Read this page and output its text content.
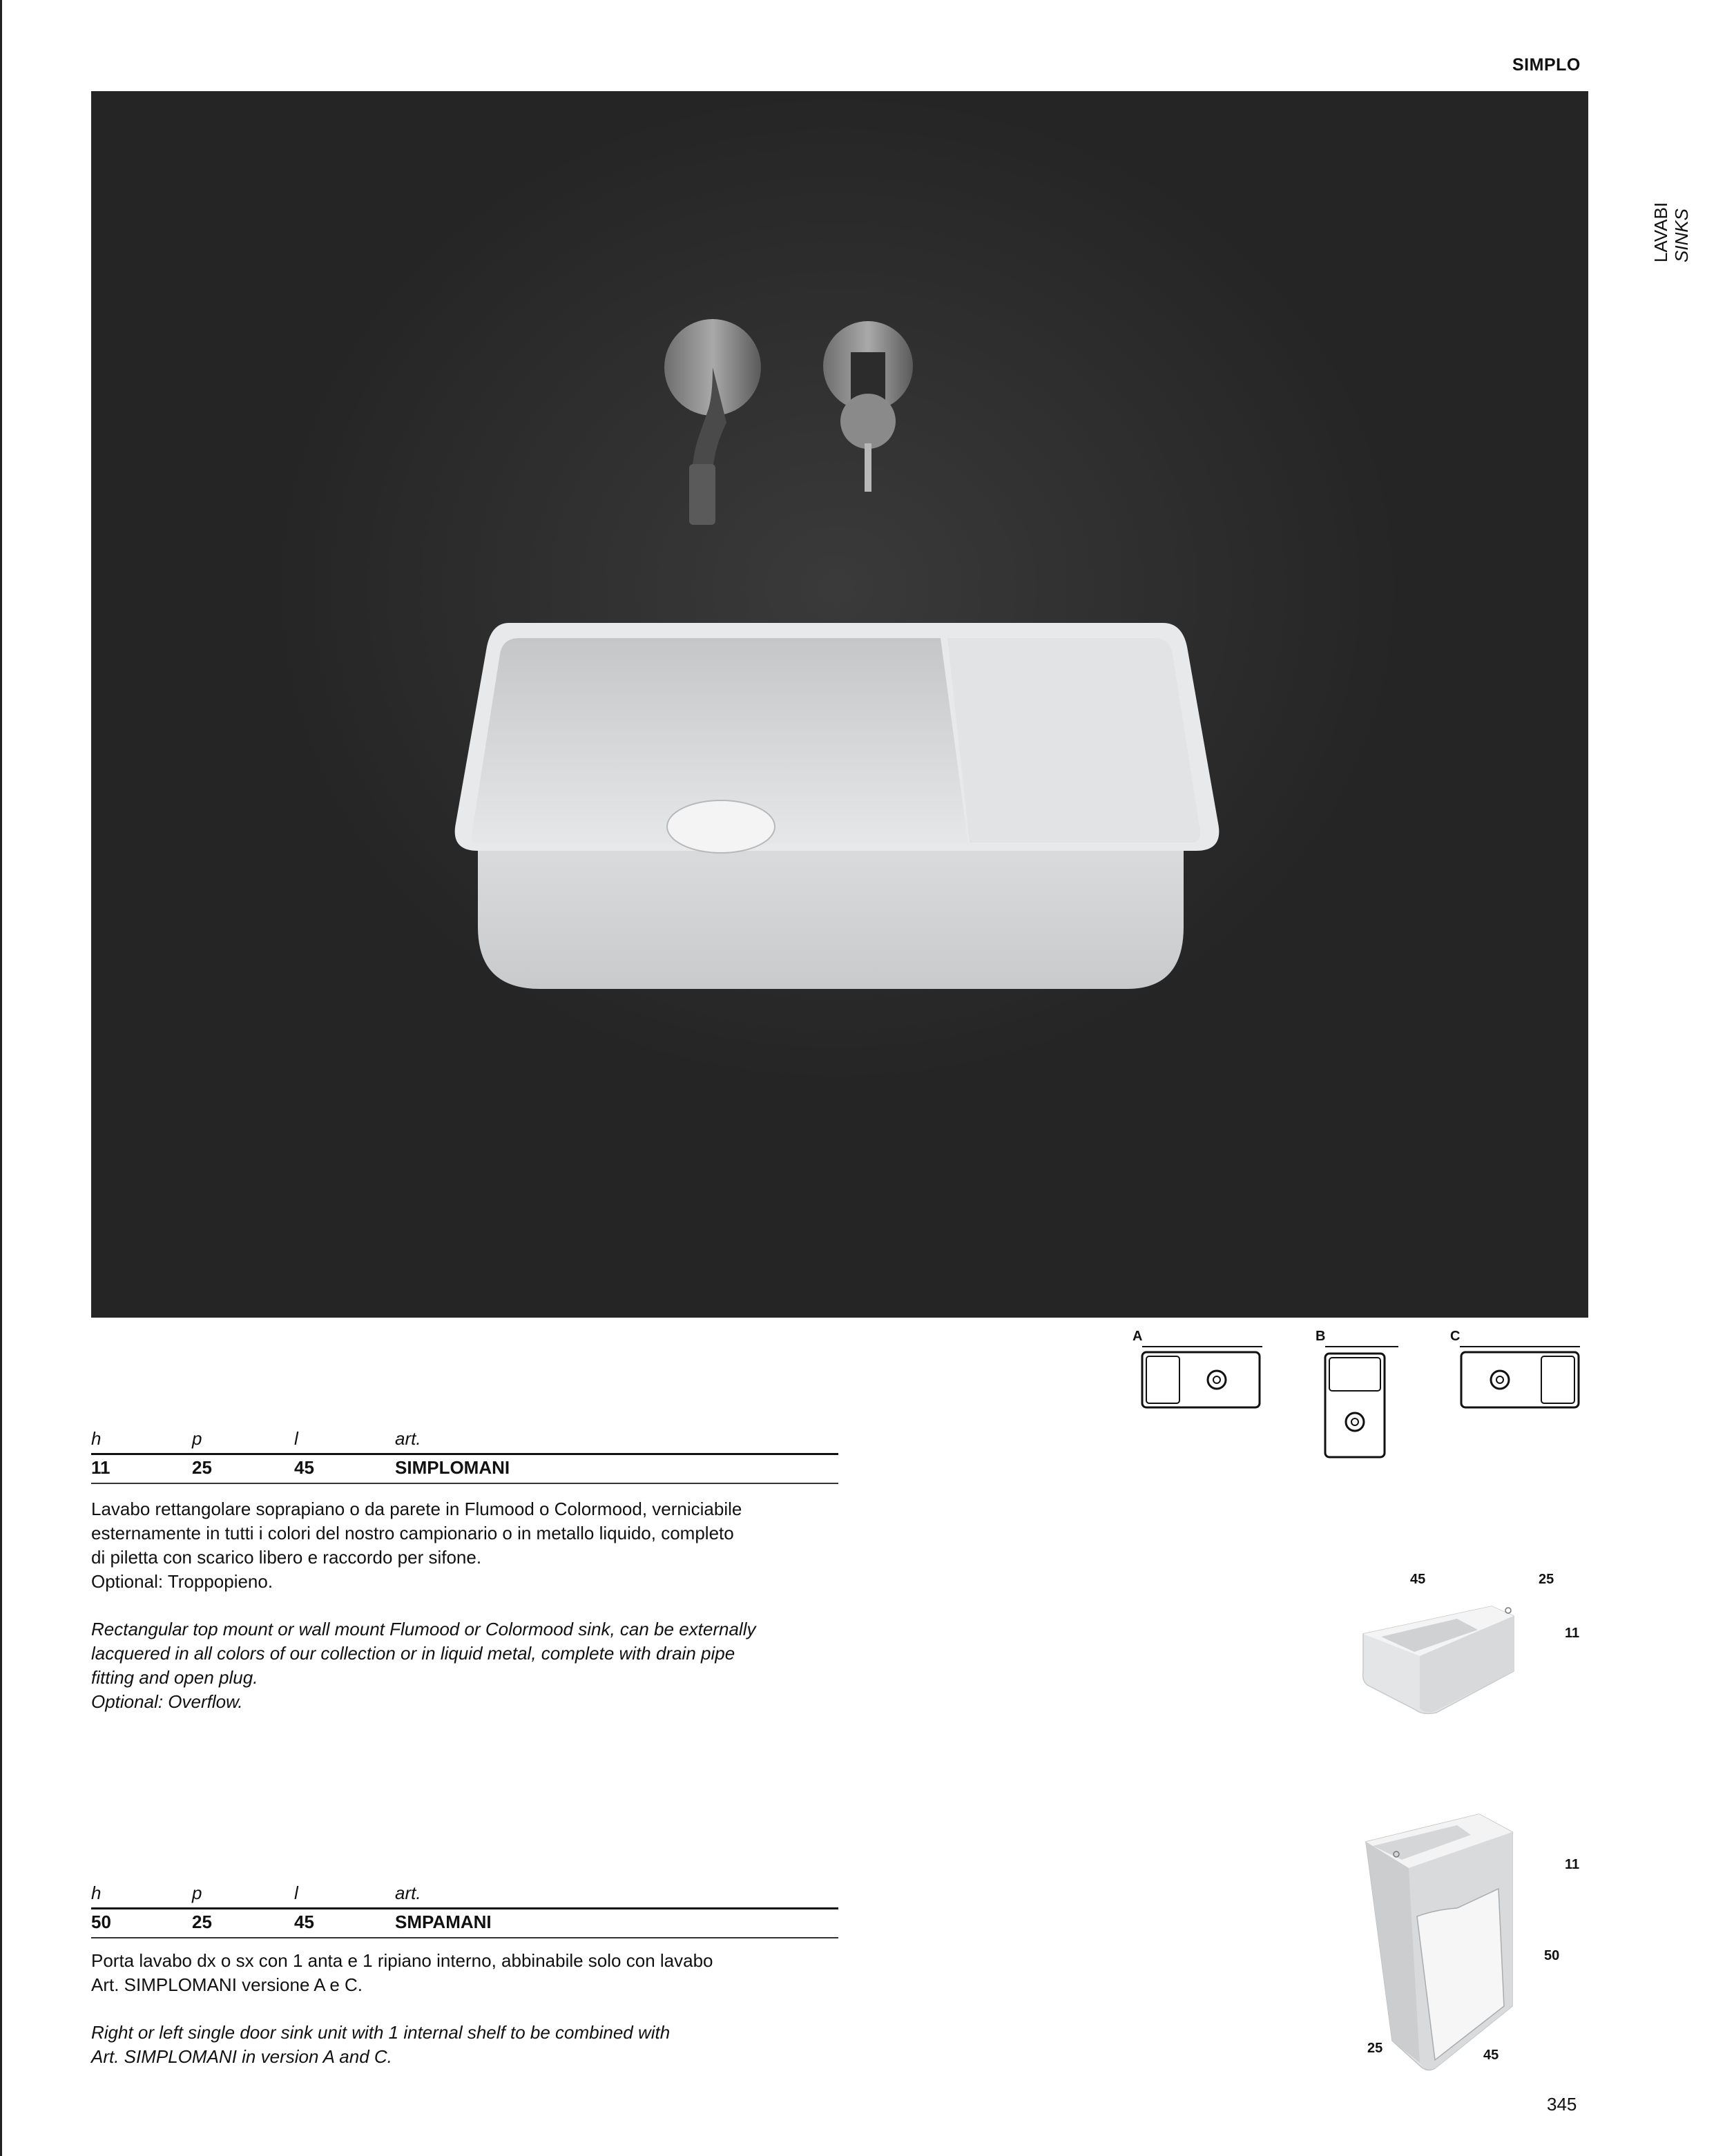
SIMPLO
LAVABI SINKS
A	B	C
h	p	l	art.
11	25	45	SIMPLOMANI

Lavabo rettangolare soprapiano o da parete in Flumood o Colormood, verniciabile

esternamente in tutti i colori del nostro campionario o in metallo liquido, completo

di piletta con scarico libero e raccordo per sifone.

Optional: Troppopieno.

Rectangular top mount or wall mount Flumood or Colormood sink, can be externally

lacquered in all colors of our collection or in liquid metal, complete with drain pipe

fitting and open plug.

Optional: Overflow.

45	25
11
h	p	l	art.
50	25	45	SMPAMANI

Porta lavabo dx o sx con 1 anta e 1 ripiano interno, abbinabile solo con lavabo

Art. SIMPLOMANI versione A e C.

Right or left single door sink unit with 1 internal shelf to be combined with

Art. SIMPLOMANI in version A and C.

11
50
25	45
345
